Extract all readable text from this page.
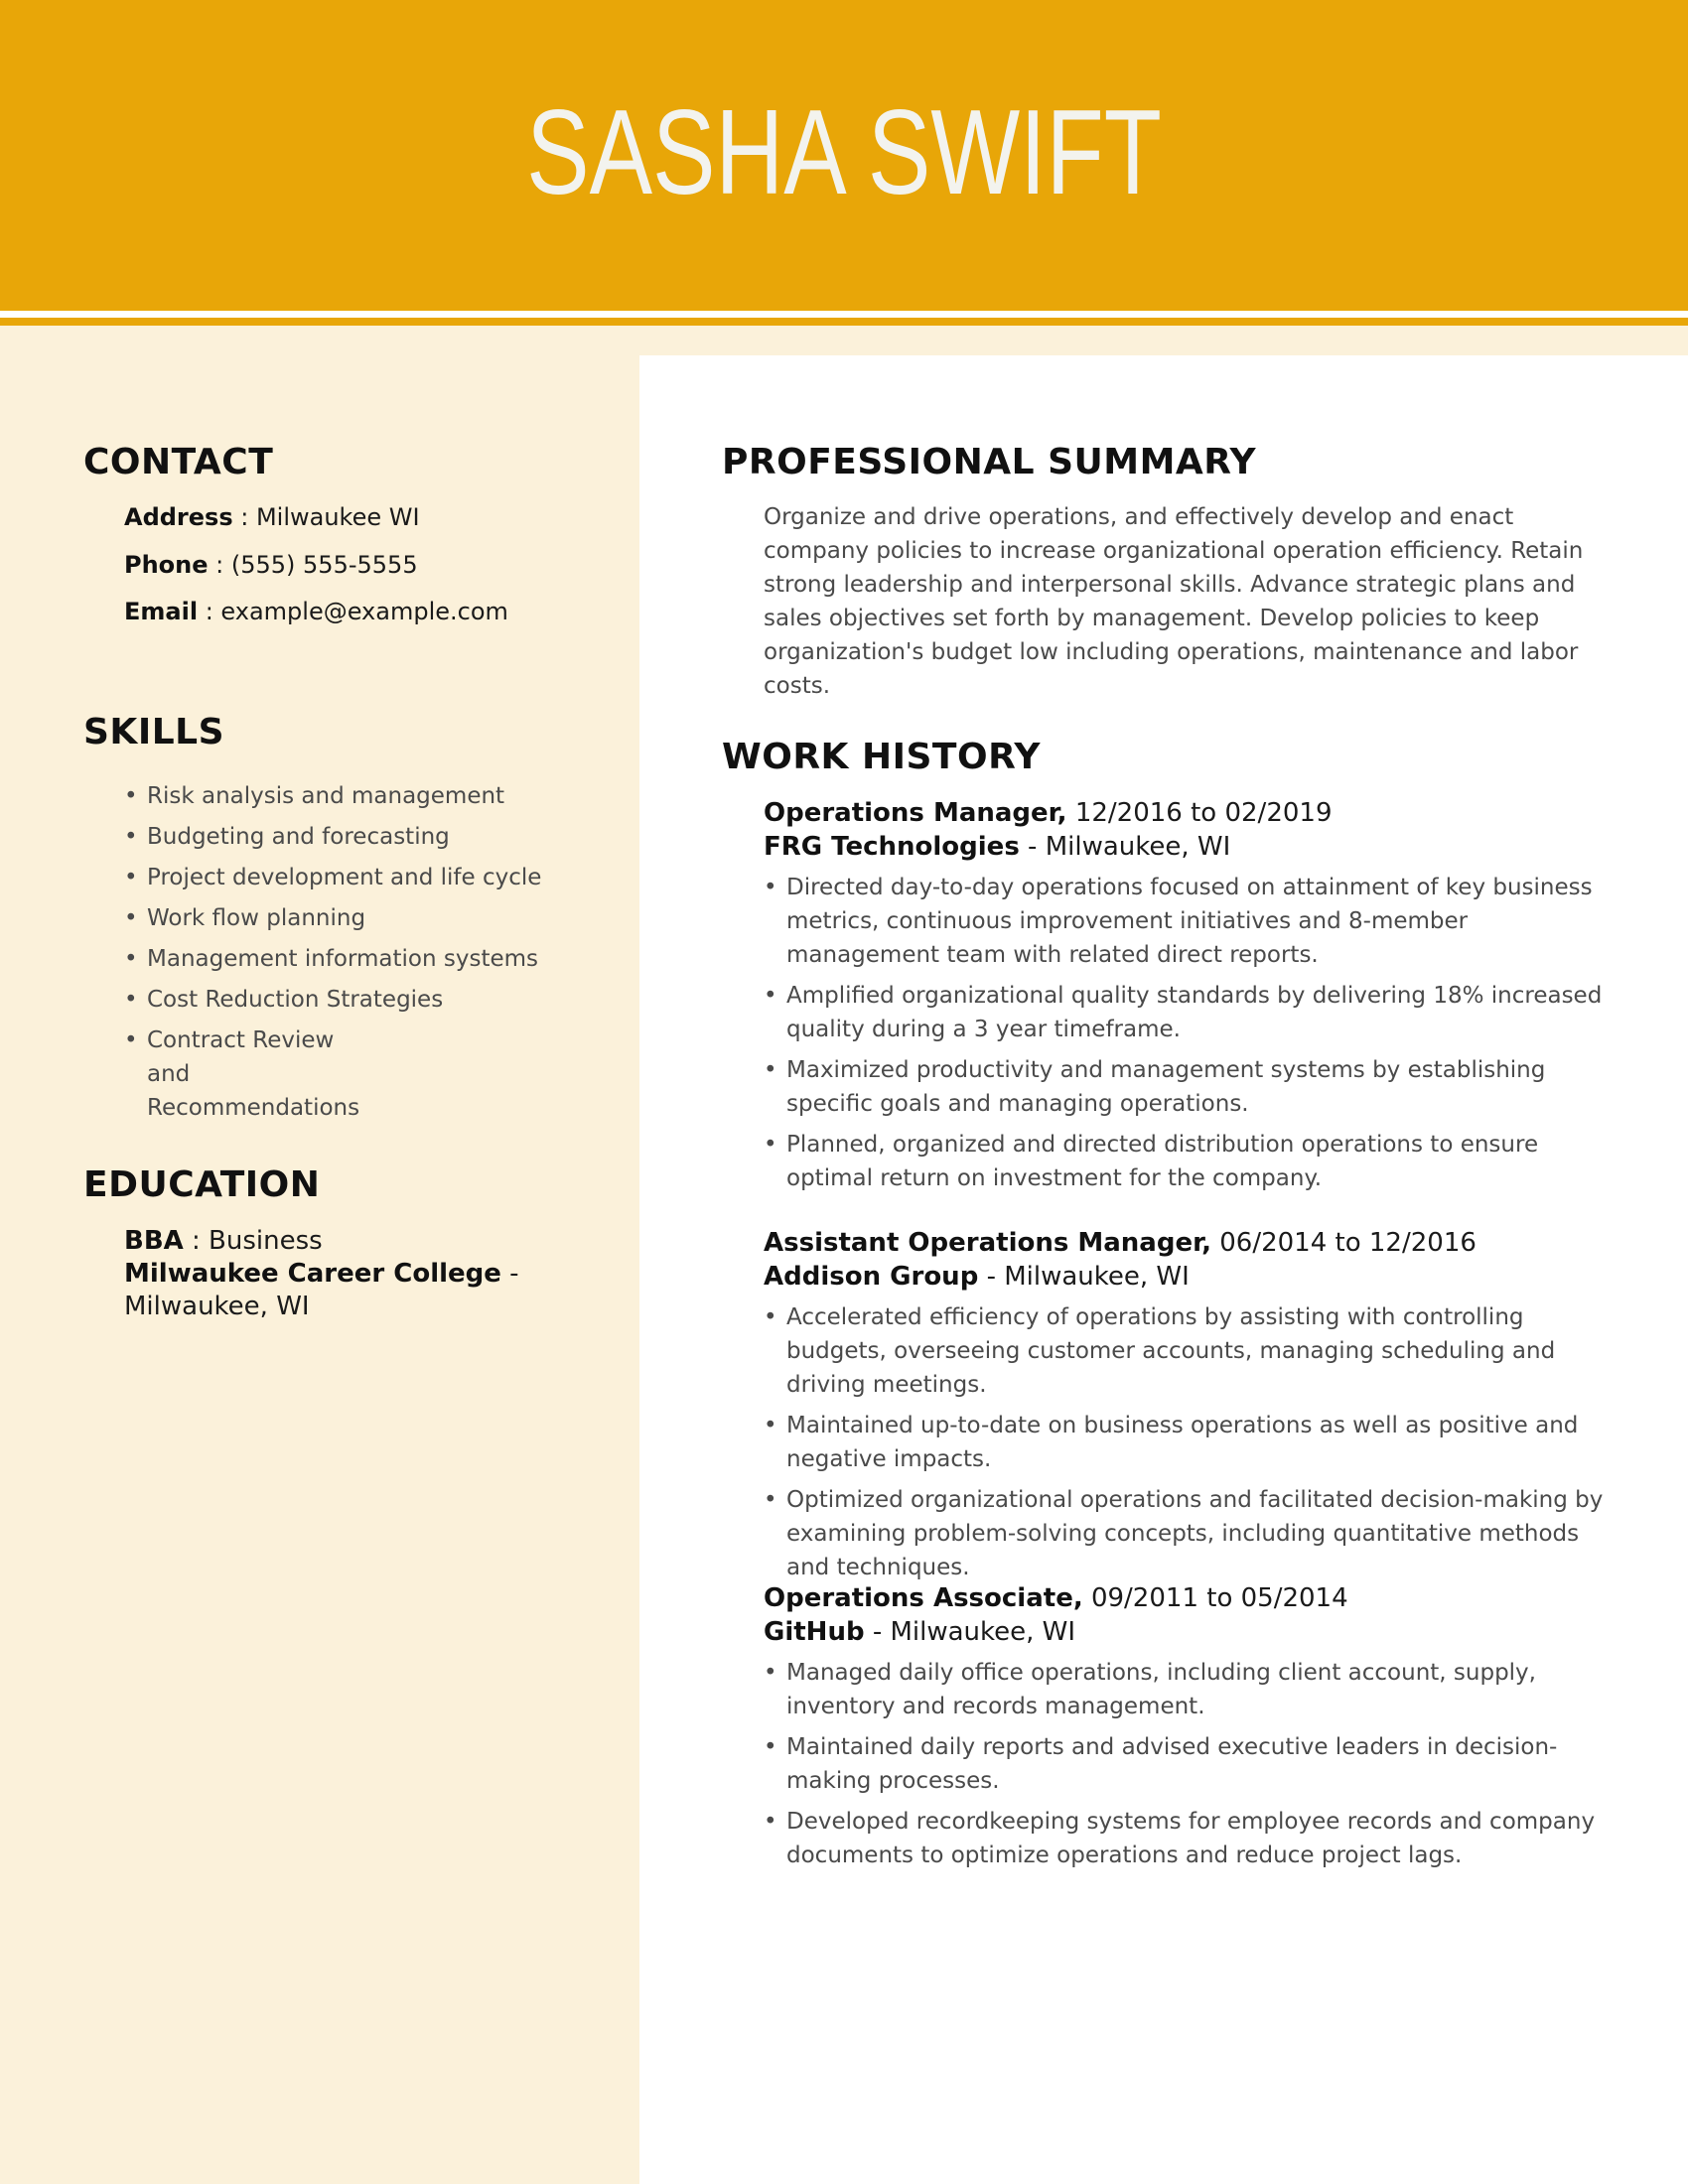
SASHA SWIFT
CONTACT
Address : Milwaukee WI
Phone : (555) 555-5555
Email : example@example.com
SKILLS
• Risk analysis and management
• Budgeting and forecasting
• Project development and life cycle
• Work flow planning
• Management information systems
• Cost Reduction Strategies
• Contract Review and Recommendations
EDUCATION
BBA : Business
Milwaukee Career College -
Milwaukee, WI
PROFESSIONAL SUMMARY
Organize and drive operations, and effectively develop and enact company policies to increase organizational operation efficiency. Retain strong leadership and interpersonal skills. Advance strategic plans and sales objectives set forth by management. Develop policies to keep organization's budget low including operations, maintenance and labor costs.
WORK HISTORY
Operations Manager, 12/2016 to 02/2019
FRG Technologies - Milwaukee, WI
• Directed day-to-day operations focused on attainment of key business metrics, continuous improvement initiatives and 8-member management team with related direct reports.
• Amplified organizational quality standards by delivering 18% increased quality during a 3 year timeframe.
• Maximized productivity and management systems by establishing specific goals and managing operations.
• Planned, organized and directed distribution operations to ensure optimal return on investment for the company.
Assistant Operations Manager, 06/2014 to 12/2016
Addison Group - Milwaukee, WI
• Accelerated efficiency of operations by assisting with controlling budgets, overseeing customer accounts, managing scheduling and driving meetings.
• Maintained up-to-date on business operations as well as positive and negative impacts.
• Optimized organizational operations and facilitated decision-making by examining problem-solving concepts, including quantitative methods and techniques.
Operations Associate, 09/2011 to 05/2014
GitHub - Milwaukee, WI
• Managed daily office operations, including client account, supply, inventory and records management.
• Maintained daily reports and advised executive leaders in decision-making processes.
• Developed recordkeeping systems for employee records and company documents to optimize operations and reduce project lags.
